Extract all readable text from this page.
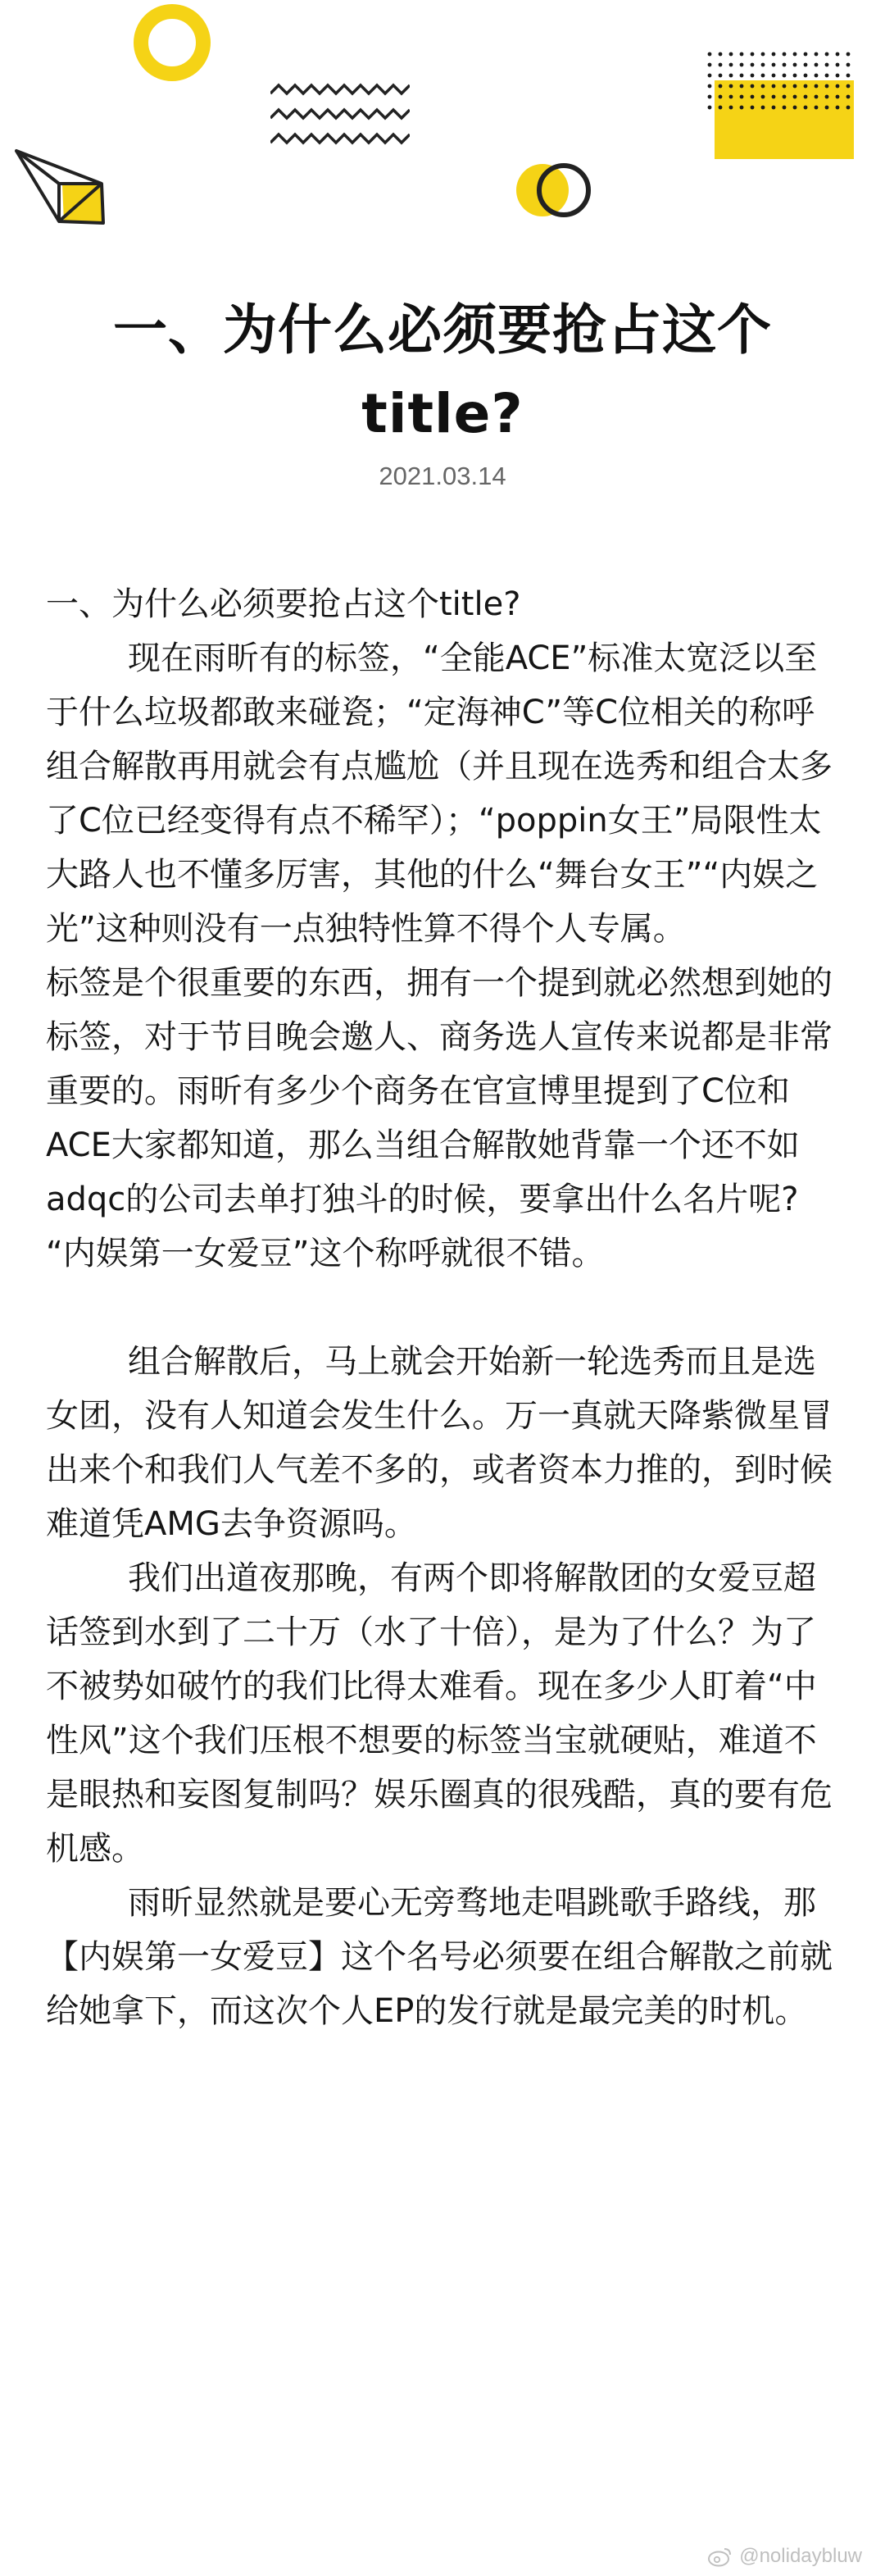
一、为什么必须要抢占这个title?
2021.03.14

一、为什么必须要抢占这个title?

现在雨昕有的标签，“全能ACE”标准太宽泛以至于什么垃圾都敢来碰瓷；“定海神C”等C位相关的称呼组合解散再用就会有点尴尬（并且现在选秀和组合太多了C位已经变得有点不稀罕）；“poppin女王”局限性太大路人也不懂多厉害，其他的什么“舞台女王”“内娱之光”这种则没有一点独特性算不得个人专属。

标签是个很重要的东西，拥有一个提到就必然想到她的标签，对于节目晚会邀人、商务选人宣传来说都是非常重要的。雨昕有多少个商务在官宣博里提到了C位和ACE大家都知道，那么当组合解散她背靠一个还不如adqc的公司去单打独斗的时候，要拿出什么名片呢?

“内娱第一女爱豆”这个称呼就很不错。

组合解散后，马上就会开始新一轮选秀而且是选女团，没有人知道会发生什么。万一真就天降紫微星冒出来个和我们人气差不多的，或者资本力推的，到时候难道凭AMG去争资源吗。

我们出道夜那晚，有两个即将解散团的女爱豆超话签到水到了二十万（水了十倍），是为了什么？为了不被势如破竹的我们比得太难看。现在多少人盯着“中性风”这个我们压根不想要的标签当宝就硬贴，难道不是眼热和妄图复制吗？娱乐圈真的很残酷，真的要有危机感。

雨昕显然就是要心无旁骛地走唱跳歌手路线，那【内娱第一女爱豆】这个名号必须要在组合解散之前就给她拿下，而这次个人EP的发行就是最完美的时机。

@nolidaybluw
